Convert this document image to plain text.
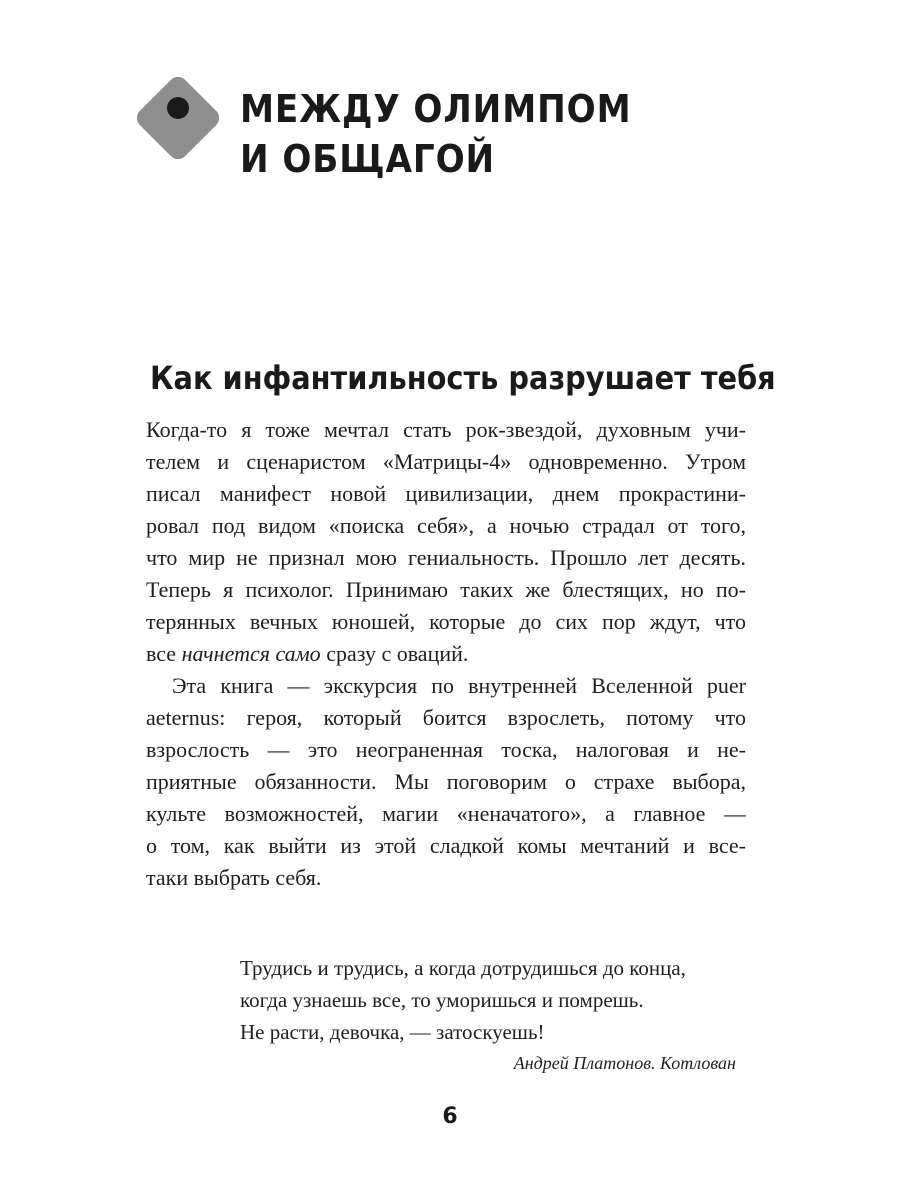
МЕЖДУ ОЛИМПОМ
И ОБЩАГОЙ
Как инфантильность разрушает тебя

Когда-то я тоже мечтал стать рок-звездой, духовным учи-
телем и сценаристом «Матрицы-4» одновременно. Утром
писал манифест новой цивилизации, днем прокрастини-
ровал под видом «поиска себя», а ночью страдал от того,
что мир не признал мою гениальность. Прошло лет десять.
Теперь я психолог. Принимаю таких же блестящих, но по-
терянных вечных юношей, которые до сих пор ждут, что
все начнется само сразу с оваций.

Эта книга — экскурсия по внутренней Вселенной puer
aeternus: героя, который боится взрослеть, потому что
взрослость — это неограненная тоска, налоговая и не-
приятные обязанности. Мы поговорим о страхе выбора,
культе возможностей, магии «неначатого», а главное —
о том, как выйти из этой сладкой комы мечтаний и все-
таки выбрать себя.

Трудись и трудись, а когда дотрудишься до конца,
когда узнаешь все, то уморишься и помрешь.
Не расти, девочка, — затоскуешь!
Андрей Платонов. Котлован
6
